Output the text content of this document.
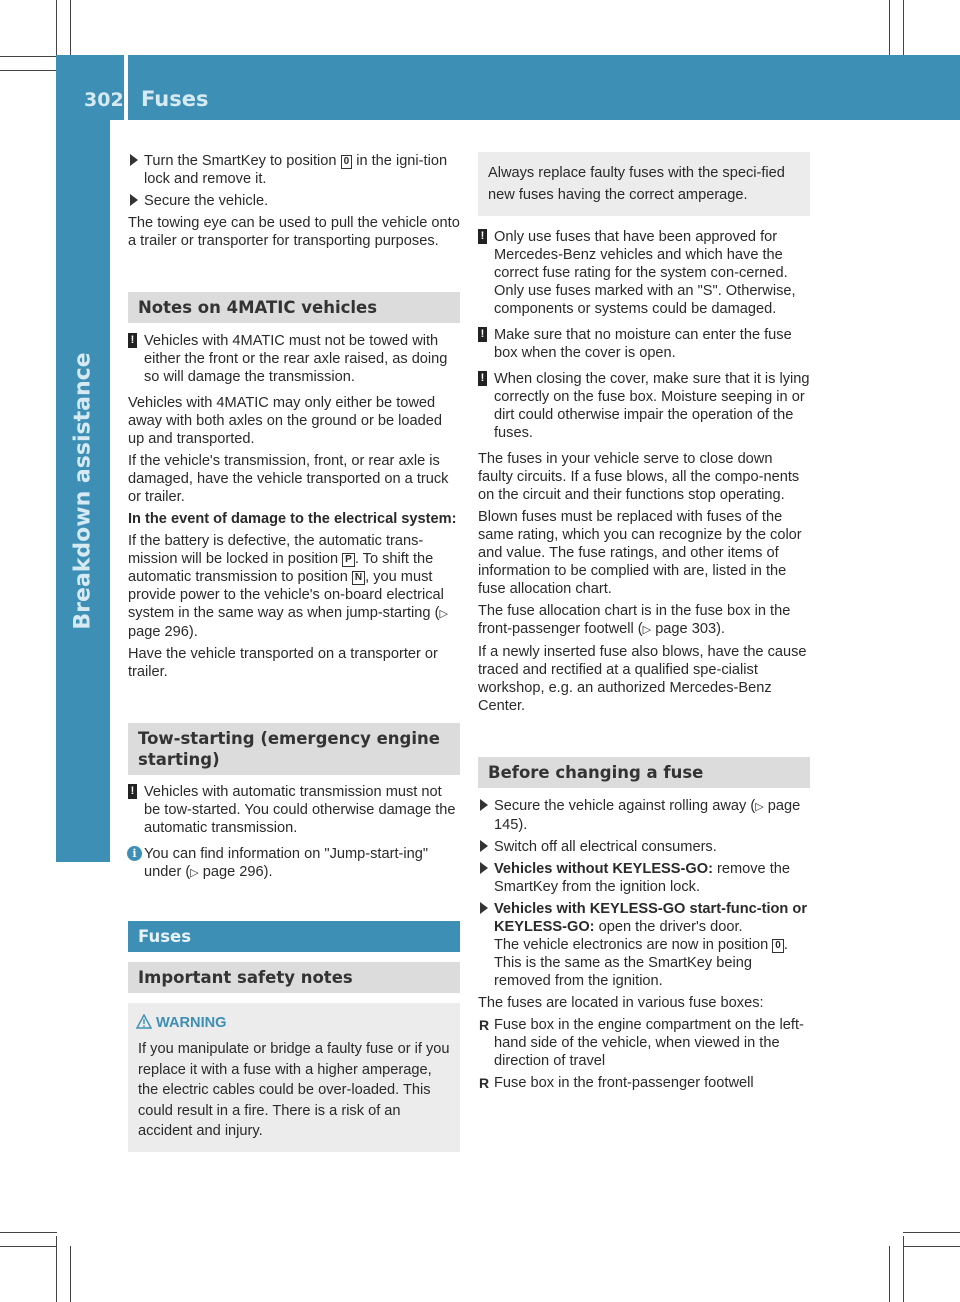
302 Fuses
Breakdown assistance
Turn the SmartKey to position 0 in the igni-tion lock and remove it.
Secure the vehicle.

The towing eye can be used to pull the vehicle onto a trailer or transporter for transporting purposes.

Notes on 4MATIC vehicles
! Vehicles with 4MATIC must not be towed with either the front or the rear axle raised, as doing so will damage the transmission.

Vehicles with 4MATIC may only either be towed away with both axles on the ground or be loaded up and transported.

If the vehicle's transmission, front, or rear axle is damaged, have the vehicle transported on a truck or trailer.

In the event of damage to the electrical system:

If the battery is defective, the automatic trans-mission will be locked in position P . To shift the automatic transmission to position N , you must provide power to the vehicle's on-board electrical system in the same way as when jump-starting (▷ page 296).

Have the vehicle transported on a transporter or trailer.

Tow-starting (emergency engine starting)
! Vehicles with automatic transmission must not be tow-started. You could otherwise damage the automatic transmission.
i You can find information on "Jump-start-ing" under (▷ page 296).
Fuses
Important safety notes
WARNING
If you manipulate or bridge a faulty fuse or if you replace it with a fuse with a higher amperage, the electric cables could be over-loaded. This could result in a fire. There is a risk of an accident and injury.
Always replace faulty fuses with the speci-fied new fuses having the correct amperage.
! Only use fuses that have been approved for Mercedes-Benz vehicles and which have the correct fuse rating for the system con-cerned. Only use fuses marked with an "S". Otherwise, components or systems could be damaged.
! Make sure that no moisture can enter the fuse box when the cover is open.
! When closing the cover, make sure that it is lying correctly on the fuse box. Moisture seeping in or dirt could otherwise impair the operation of the fuses.

The fuses in your vehicle serve to close down faulty circuits. If a fuse blows, all the compo-nents on the circuit and their functions stop operating.

Blown fuses must be replaced with fuses of the same rating, which you can recognize by the color and value. The fuse ratings, and other items of information to be complied with are, listed in the fuse allocation chart.

The fuse allocation chart is in the fuse box in the front-passenger footwell (▷ page 303).

If a newly inserted fuse also blows, have the cause traced and rectified at a qualified spe-cialist workshop, e.g. an authorized Mercedes-Benz Center.

Before changing a fuse
Secure the vehicle against rolling away (▷ page 145).
Switch off all electrical consumers.
Vehicles without KEYLESS-GO: remove the SmartKey from the ignition lock.
Vehicles with KEYLESS-GO start-func-tion or KEYLESS-GO: open the driver's door.
The vehicle electronics are now in position 0 . This is the same as the SmartKey being removed from the ignition.

The fuses are located in various fuse boxes:

R Fuse box in the engine compartment on the left-hand side of the vehicle, when viewed in the direction of travel
R Fuse box in the front-passenger footwell
